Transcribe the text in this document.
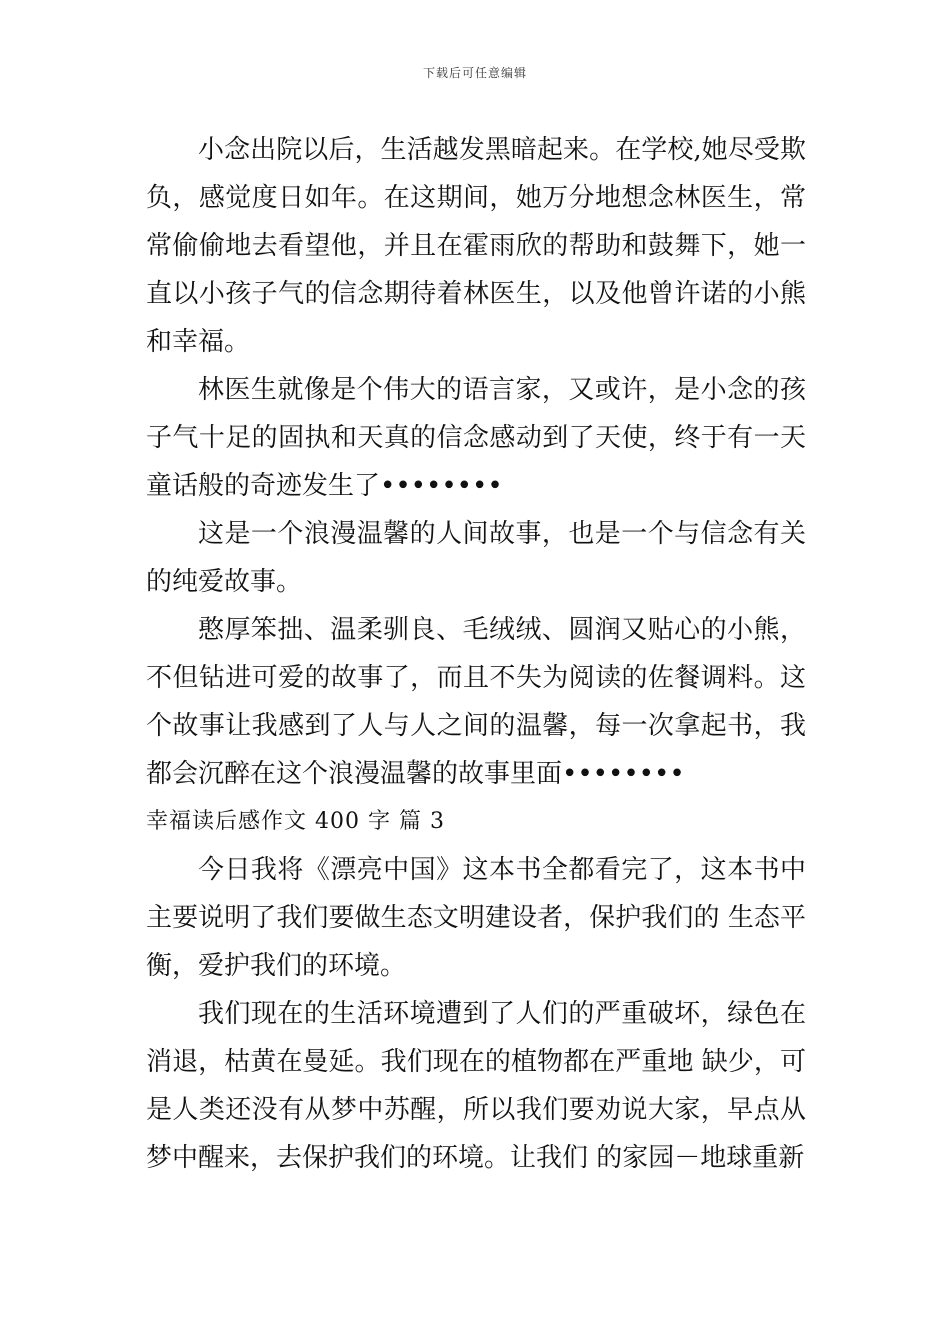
下载后可任意编辑

小念出院以后，生活越发黑暗起来。在学校,她尽受欺负，感觉度日如年。在这期间，她万分地想念林医生，常常偷偷地去看望他，并且在霍雨欣的帮助和鼓舞下，她一直以小孩子气的信念期待着林医生，以及他曾许诺的小熊和幸福。

林医生就像是个伟大的语言家，又或许，是小念的孩子气十足的固执和天真的信念感动到了天使，终于有一天童话般的奇迹发生了••••••••

这是一个浪漫温馨的人间故事，也是一个与信念有关的纯爱故事。

憨厚笨拙、温柔驯良、毛绒绒、圆润又贴心的小熊，不但钻进可爱的故事了，而且不失为阅读的佐餐调料。这个故事让我感到了人与人之间的温馨，每一次拿起书，我都会沉醉在这个浪漫温馨的故事里面••••••••

幸福读后感作文 400 字 篇 3

今日我将《漂亮中国》这本书全都看完了，这本书中主要说明了我们要做生态文明建设者，保护我们的 生态平衡，爱护我们的环境。

我们现在的生活环境遭到了人们的严重破坏，绿色在消退，枯黄在曼延。我们现在的植物都在严重地 缺少，可是人类还没有从梦中苏醒，所以我们要劝说大家，早点从梦中醒来，去保护我们的环境。让我们 的家园－地球重新
